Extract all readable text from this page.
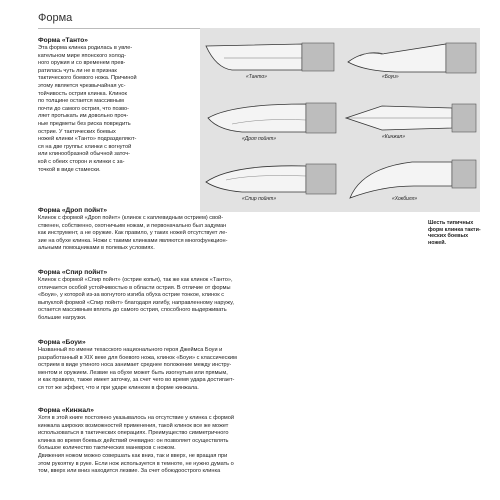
Форма
Форма «Танто»
Эта форма клинка родилась в увле-
кательном мире японского холод-
ного оружия и со временем прев-
ратилась чуть ли не в признак
тактического боевого ножа. Причиной
этому является чрезвычайная ус-
тойчивость острия клинка. Клинок
по толщине остается массивным
почти до самого острия, что позво-
ляет протыкать им довольно проч-
ные предметы без риска повредить
острие. У тактических боевых
ножей клинки «Танто» подразделяют-
ся на две группы: клинки с вогнутой
или клинообразной обычной заточ-
кой с обеих сторон и клинки с за-
точкой в виде стамески.
«Танто»	«Боуи»
«Дроп пойнт»	«Кинжал»
«Спир пойнт»	«Хокбилл»
Шесть типичных
форм клинка такти-
ческих боевых ножей.
Форма «Дроп пойнт»
Клинок с формой «Дроп пойнт» (клинок с каплевидным острием) свой-
ственен, собственно, охотничьим ножам, и первоначально был задуман
как инструмент, а не оружие. Как правило, у таких ножей отсутствует ле-
зие на обухе клинка. Ножи с такими клинками являются многофункцион-
альными помощниками в полевых условиях.
Форма «Спир пойнт»
Клинок с формой «Спир пойнт» (острие копья), так же как клинок «Танто»,
отличается особой устойчивостью в области острия. В отличие от формы
«Боуи», у которой из-за вогнутого изгиба обуха острие тонкое, клинок с
выпуклой формой «Спир пойнт» благодаря изгибу, направленному наружу,
остается массивным вплоть до самого острия, способного выдерживать
большие нагрузки.
Форма «Боуи»
Названный по имени техасского национального героя Джеймса Боуи и
разработанный в XIX веке для боевого ножа, клинок «Боуи» с классическим
острием в виде утиного носа занимает среднее положение между инстру-
ментом и оружием. Лезвие на обухе может быть изогнутым или прямым,
и как правило, также имеет заточку, за счет чего во время удара достигает-
ся тот же эффект, что и при ударе клинком в форме кинжала.
Форма «Кинжал»
Хотя в этой книге постоянно указывалось на отсутствие у клинка с формой
кинжала широких возможностей применения, такой клинок все же может
использоваться в тактических операциях. Преимущество симметричного
клинка во время боевых действий очевидно: он позволяет осуществлять
большое количество тактических маневров с ножом.
Движения ножом можно совершать как вниз, так и вверх, не вращая при
этом рукоятку в руке. Если нож используется в темноте, не нужно думать о
том, вверх или вниз находится лезвие. За счет обоюдоострого клинка
